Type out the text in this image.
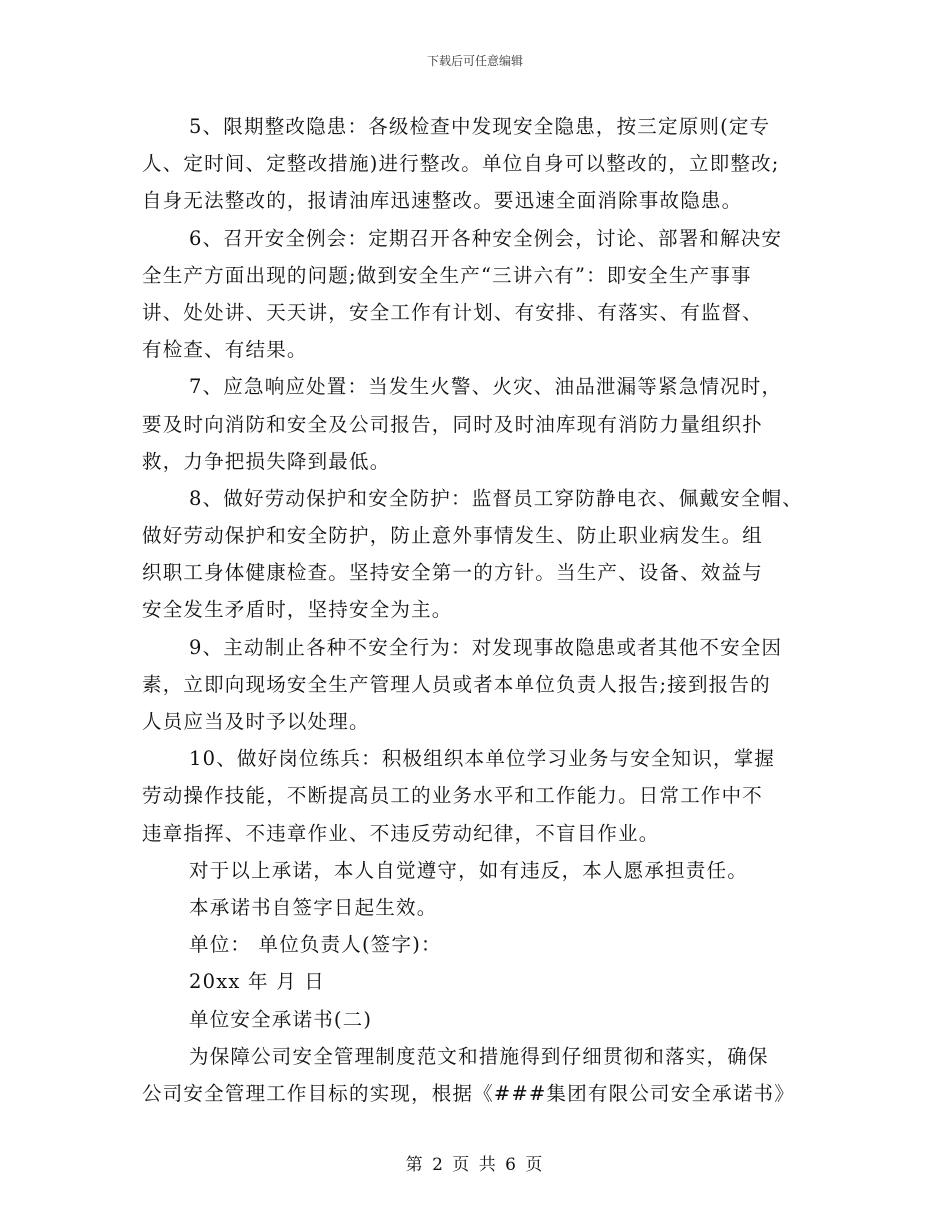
下载后可任意编辑
5、限期整改隐患：各级检查中发现安全隐患，按三定原则(定专
人、定时间、定整改措施)进行整改。单位自身可以整改的，立即整改;
自身无法整改的，报请油库迅速整改。要迅速全面消除事故隐患。
6、召开安全例会：定期召开各种安全例会，讨论、部署和解决安
全生产方面出现的问题;做到安全生产“三讲六有”：即安全生产事事
讲、处处讲、天天讲，安全工作有计划、有安排、有落实、有监督、
有检查、有结果。
7、应急响应处置：当发生火警、火灾、油品泄漏等紧急情况时，
要及时向消防和安全及公司报告，同时及时油库现有消防力量组织扑
救，力争把损失降到最低。
8、做好劳动保护和安全防护：监督员工穿防静电衣、佩戴安全帽、
做好劳动保护和安全防护，防止意外事情发生、防止职业病发生。组
织职工身体健康检查。坚持安全第一的方针。当生产、设备、效益与
安全发生矛盾时，坚持安全为主。
9、主动制止各种不安全行为：对发现事故隐患或者其他不安全因
素，立即向现场安全生产管理人员或者本单位负责人报告;接到报告的
人员应当及时予以处理。
10、做好岗位练兵：积极组织本单位学习业务与安全知识，掌握
劳动操作技能，不断提高员工的业务水平和工作能力。日常工作中不
违章指挥、不违章作业、不违反劳动纪律，不盲目作业。
对于以上承诺，本人自觉遵守，如有违反，本人愿承担责任。
本承诺书自签字日起生效。
单位： 单位负责人(签字)：
20xx 年 月 日
单位安全承诺书(二)
为保障公司安全管理制度范文和措施得到仔细贯彻和落实，确保
公司安全管理工作目标的实现，根据《###集团有限公司安全承诺书》
第 2 页 共 6 页
